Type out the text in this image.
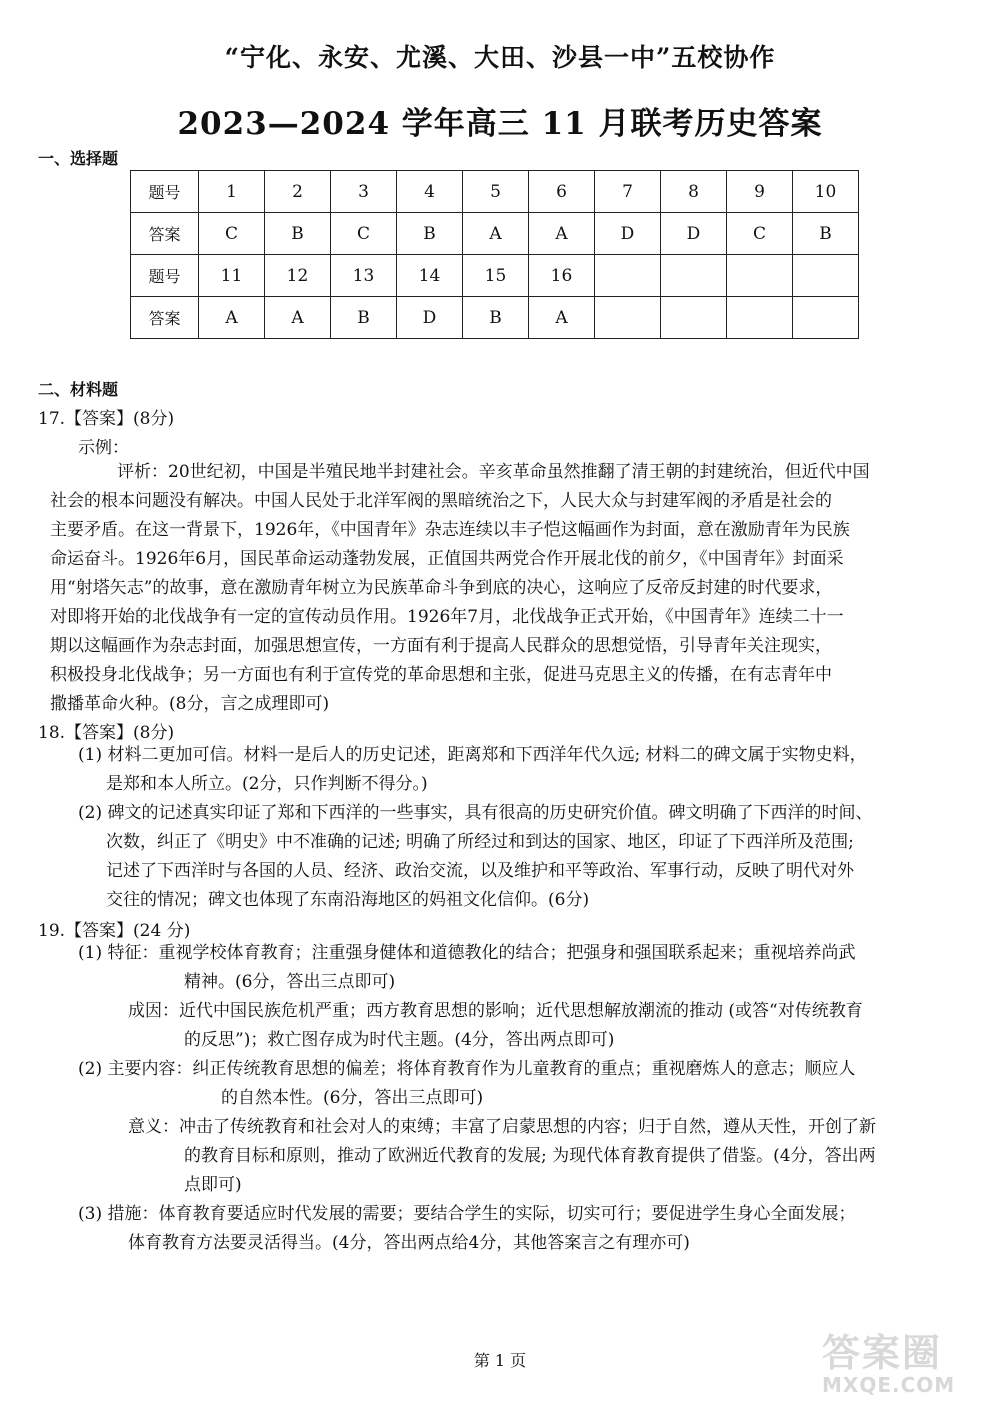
“宁化、永安、尤溪、大田、沙县一中”五校协作
2023—2024 学年高三 11 月联考历史答案
一、选择题
题号	1	2	3	4	5	6	7	8	9	10
答案	C	B	C	B	A	A	D	D	C	B
题号	11	12	13	14	15	16				
答案	A	A	B	D	B	A				
二、材料题
17.【答案】(8分)
示例：
评析：20世纪初，中国是半殖民地半封建社会。辛亥革命虽然推翻了清王朝的封建统治，但近代中国
社会的根本问题没有解决。中国人民处于北洋军阀的黑暗统治之下，人民大众与封建军阀的矛盾是社会的
主要矛盾。在这一背景下，1926年，《中国青年》杂志连续以丰子恺这幅画作为封面，意在激励青年为民族
命运奋斗。1926年6月，国民革命运动蓬勃发展，正值国共两党合作开展北伐的前夕，《中国青年》封面采
用“射塔矢志”的故事，意在激励青年树立为民族革命斗争到底的决心，这响应了反帝反封建的时代要求，
对即将开始的北伐战争有一定的宣传动员作用。1926年7月，北伐战争正式开始，《中国青年》连续二十一
期以这幅画作为杂志封面，加强思想宣传，一方面有利于提高人民群众的思想觉悟，引导青年关注现实，
积极投身北伐战争；另一方面也有利于宣传党的革命思想和主张，促进马克思主义的传播，在有志青年中
撒播革命火种。(8分，言之成理即可)
18.【答案】(8分)
(1) 材料二更加可信。材料一是后人的历史记述，距离郑和下西洋年代久远; 材料二的碑文属于实物史料，
是郑和本人所立。(2分，只作判断不得分。)
(2) 碑文的记述真实印证了郑和下西洋的一些事实，具有很高的历史研究价值。碑文明确了下西洋的时间、
次数，纠正了《明史》中不准确的记述; 明确了所经过和到达的国家、地区，印证了下西洋所及范围;
记述了下西洋时与各国的人员、经济、政治交流，以及维护和平等政治、军事行动，反映了明代对外
交往的情况；碑文也体现了东南沿海地区的妈祖文化信仰。(6分)
19.【答案】(24 分)
(1) 特征：重视学校体育教育；注重强身健体和道德教化的结合；把强身和强国联系起来；重视培养尚武
精神。(6分，答出三点即可)
成因：近代中国民族危机严重；西方教育思想的影响；近代思想解放潮流的推动 (或答“对传统教育
的反思”)；救亡图存成为时代主题。(4分，答出两点即可)
(2) 主要内容：纠正传统教育思想的偏差；将体育教育作为儿童教育的重点；重视磨炼人的意志；顺应人
的自然本性。(6分，答出三点即可)
意义：冲击了传统教育和社会对人的束缚；丰富了启蒙思想的内容；归于自然，遵从天性，开创了新
的教育目标和原则，推动了欧洲近代教育的发展; 为现代体育教育提供了借鉴。(4分，答出两
点即可)
(3) 措施：体育教育要适应时代发展的需要；要结合学生的实际，切实可行；要促进学生身心全面发展；
体育教育方法要灵活得当。(4分，答出两点给4分，其他答案言之有理亦可)
第 1 页	答案圈
MXQE.COM
